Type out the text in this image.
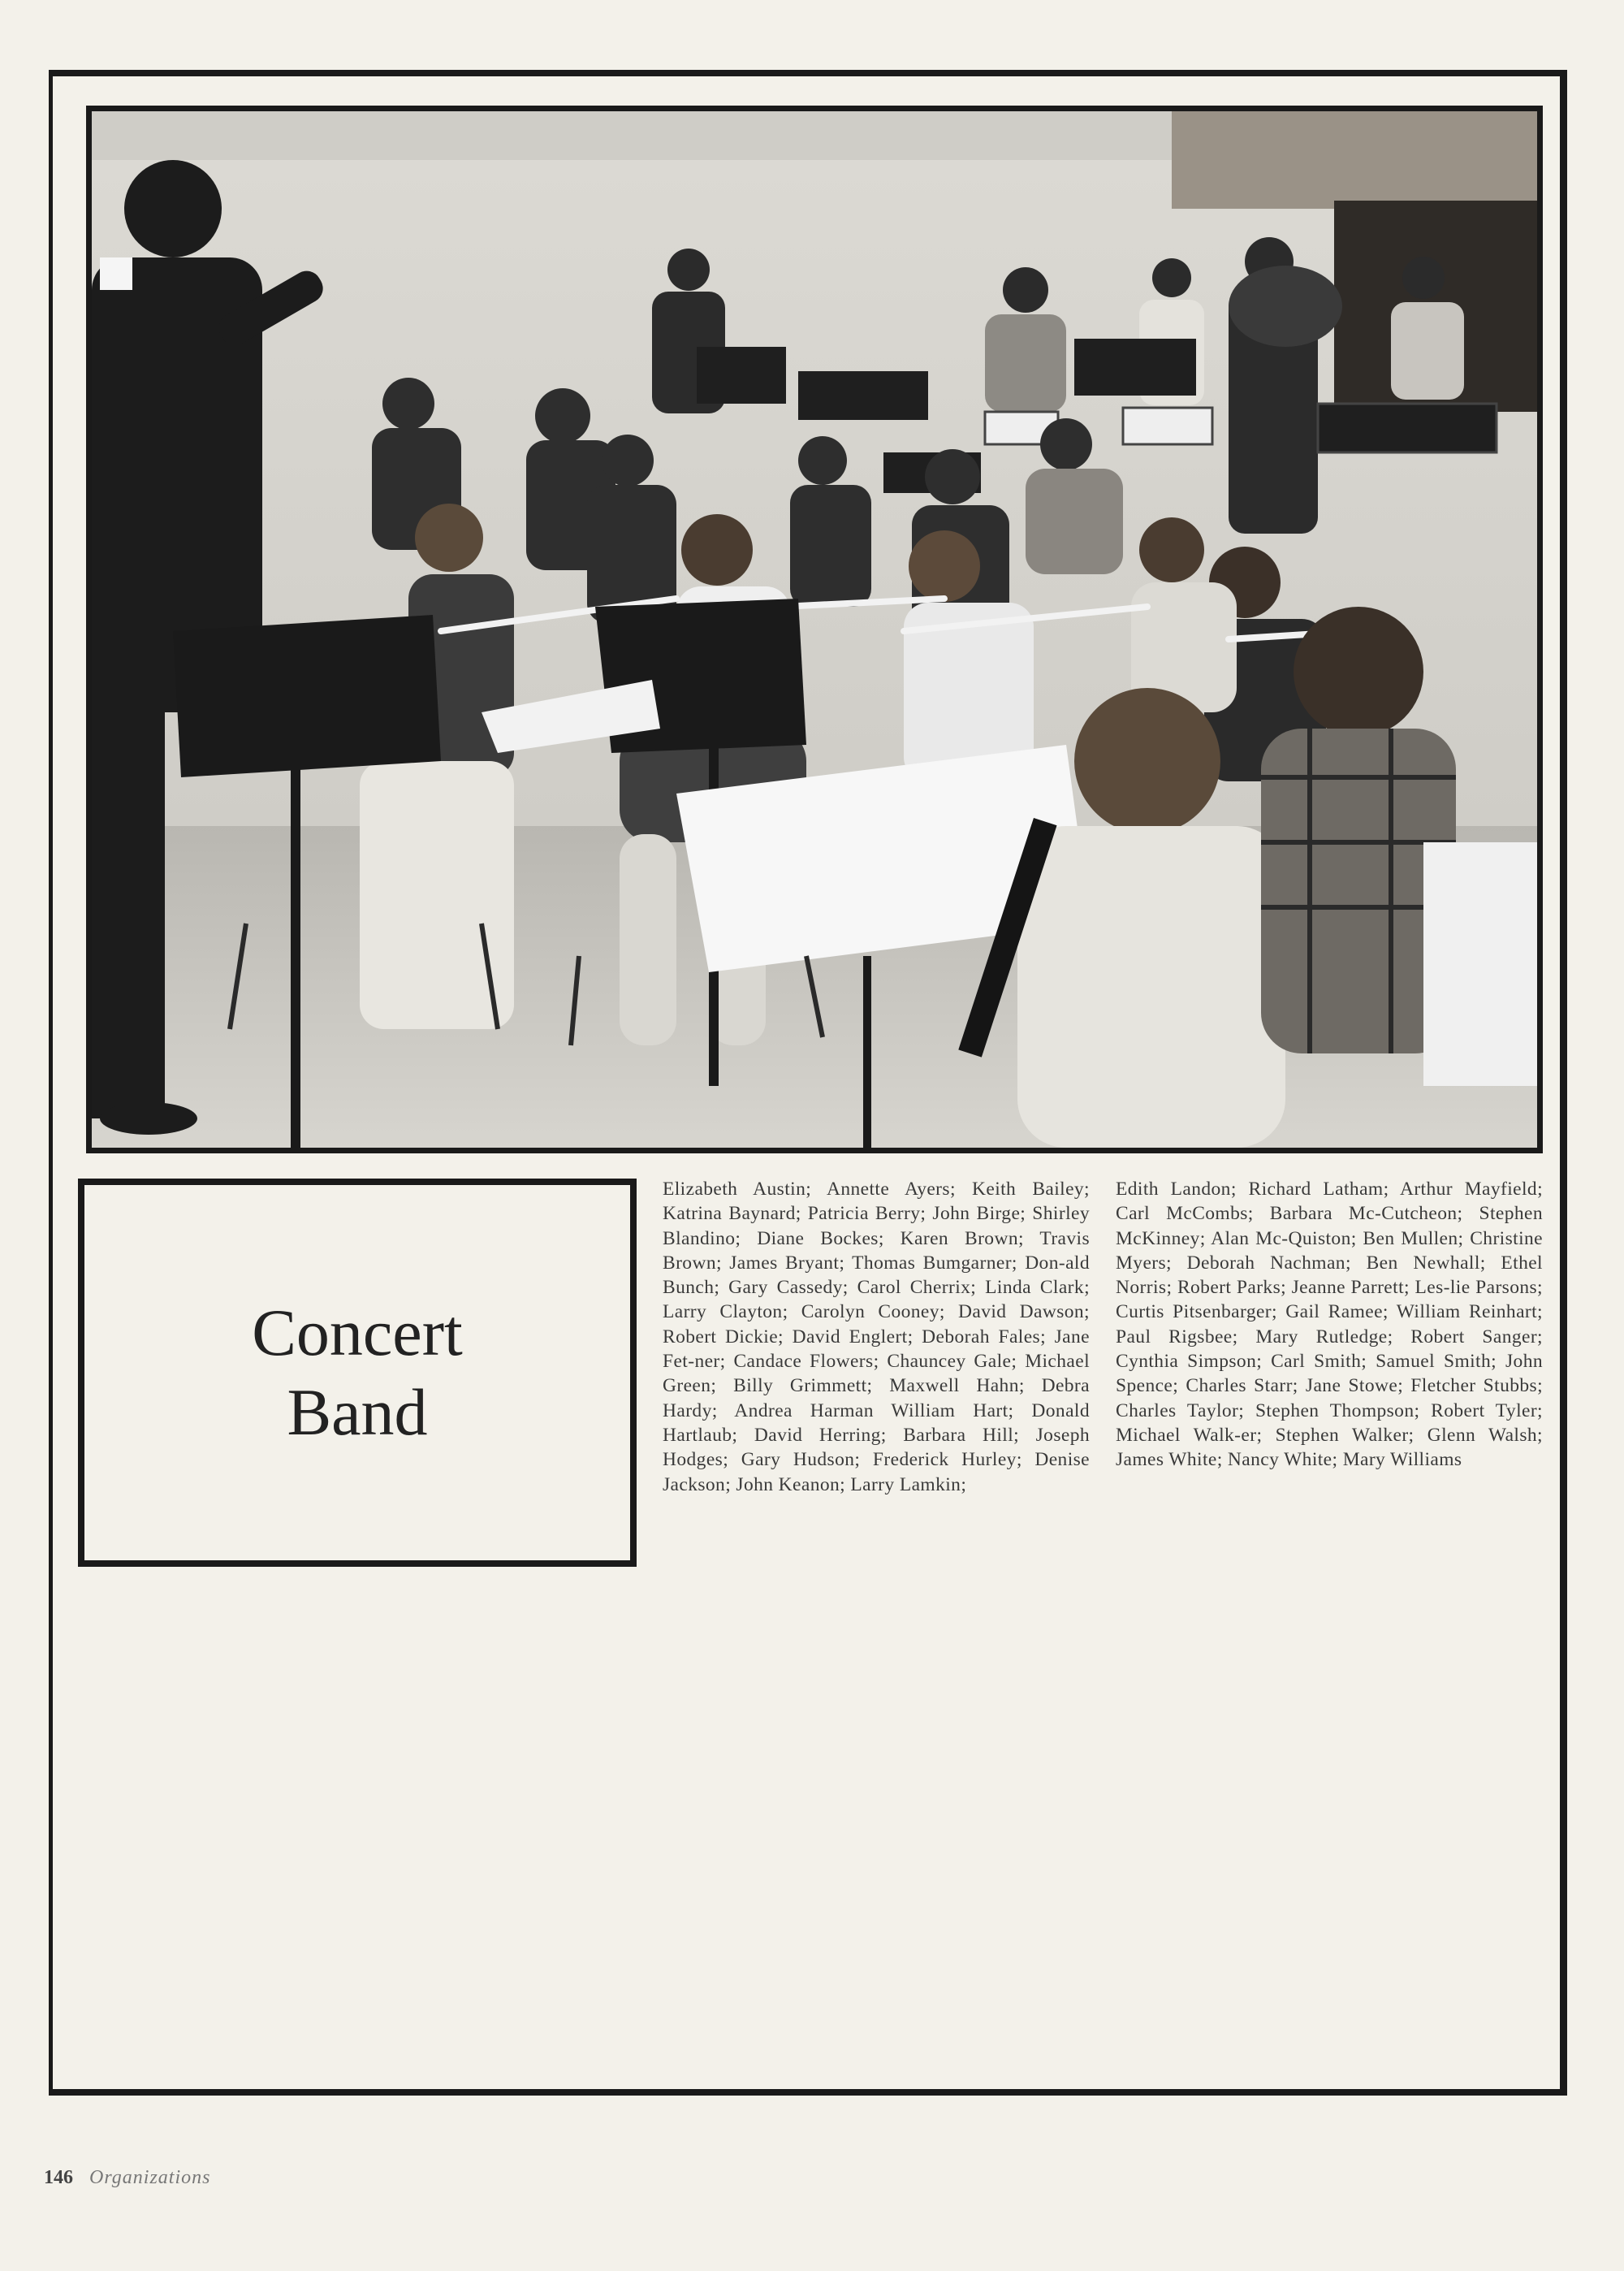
Concert
Band
Elizabeth Austin; Annette Ayers; Keith Bailey; Katrina Baynard; Patricia Berry; John Birge; Shirley Blandino; Diane Bockes; Karen Brown; Travis Brown; James Bryant; Thomas Bumgarner; Don-ald Bunch; Gary Cassedy; Carol Cherrix; Linda Clark; Larry Clayton; Carolyn Cooney; David Dawson; Robert Dickie; David Englert; Deborah Fales; Jane Fet-ner; Candace Flowers; Chauncey Gale; Michael Green; Billy Grimmett; Maxwell Hahn; Debra Hardy; Andrea Harman William Hart; Donald Hartlaub; David Herring; Barbara Hill; Joseph Hodges; Gary Hudson; Frederick Hurley; Denise Jackson; John Keanon; Larry Lamkin;
Edith Landon; Richard Latham; Arthur Mayfield; Carl McCombs; Barbara Mc-Cutcheon; Stephen McKinney; Alan Mc-Quiston; Ben Mullen; Christine Myers; Deborah Nachman; Ben Newhall; Ethel Norris; Robert Parks; Jeanne Parrett; Les-lie Parsons; Curtis Pitsenbarger; Gail Ramee; William Reinhart; Paul Rigsbee; Mary Rutledge; Robert Sanger; Cynthia Simpson; Carl Smith; Samuel Smith; John Spence; Charles Starr; Jane Stowe; Fletcher Stubbs; Charles Taylor; Stephen Thompson; Robert Tyler; Michael Walk-er; Stephen Walker; Glenn Walsh; James White; Nancy White; Mary Williams
146 Organizations
